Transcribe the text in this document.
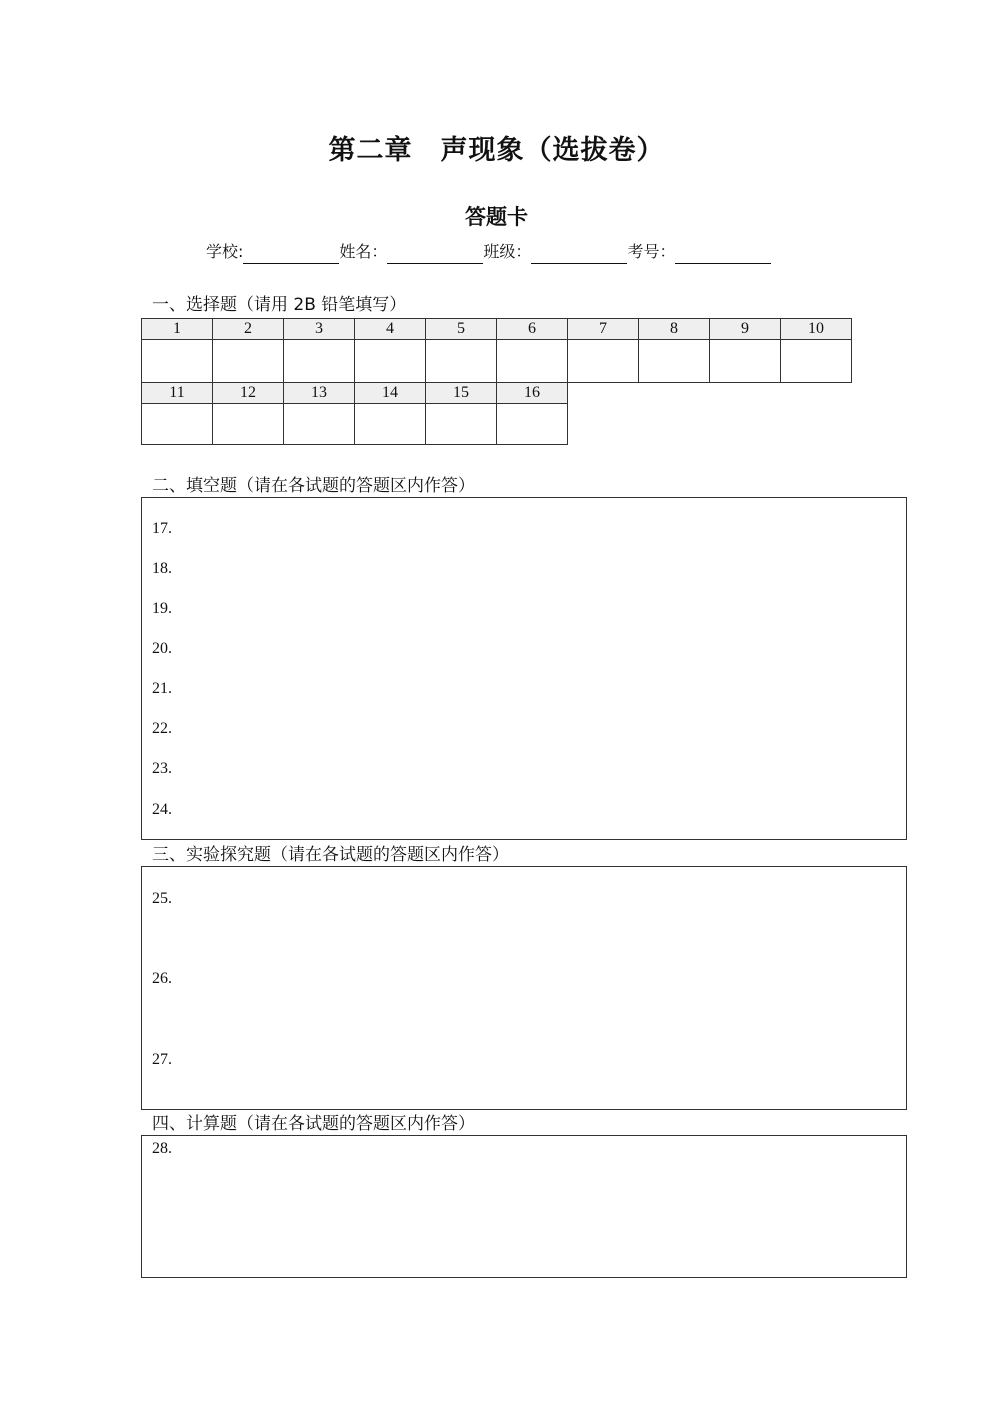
第二章　声现象（选拔卷）
答题卡
学校:	姓名：	班级：	考号：
一、选择题（请用 2B 铅笔填写）
1	2	3	4	5	6	7	8	9	10

11	12	13	14	15	16

二、填空题（请在各试题的答题区内作答）
17.
18.
19.
20.
21.
22.
23.
24.
三、实验探究题（请在各试题的答题区内作答）
25.
26.
27.
四、计算题（请在各试题的答题区内作答）
28.
